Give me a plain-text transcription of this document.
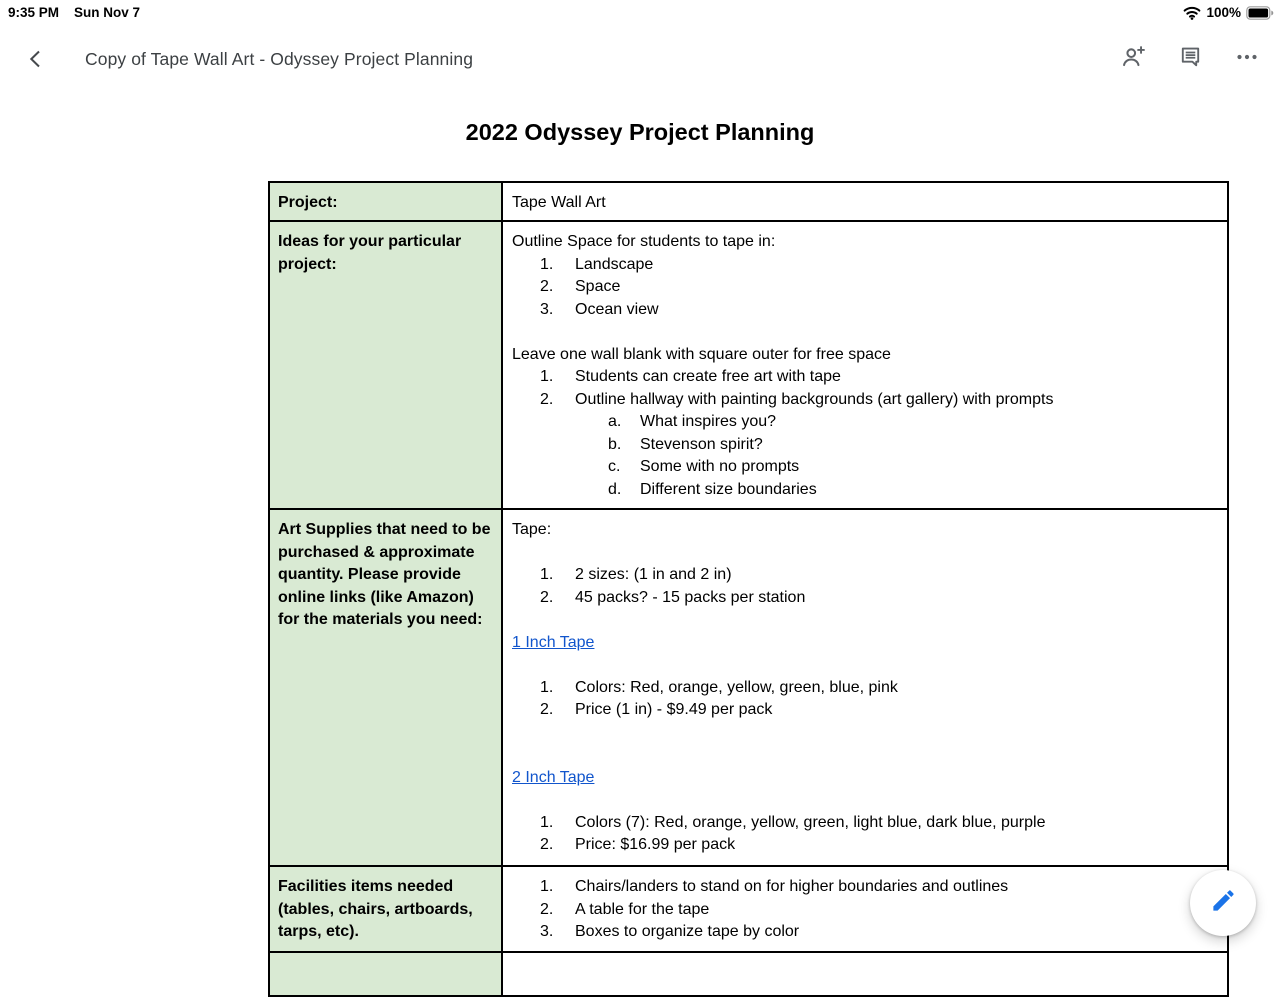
9:35 PM Sun Nov 7	100%
Copy of Tape Wall Art - Odyssey Project Planning
2022 Odyssey Project Planning
Project:	Tape Wall Art
Ideas for your particular project:
Outline Space for students to tape in:
Landscape
Space
Ocean view
Leave one wall blank with square outer for free space
Students can create free art with tape
Outline hallway with painting backgrounds (art gallery) with prompts
What inspires you?
Stevenson spirit?
Some with no prompts
Different size boundaries
Art Supplies that need to be purchased & approximate quantity. Please provide online links (like Amazon) for the materials you need:
Tape:
2 sizes: (1 in and 2 in)
45 packs? - 15 packs per station
1 Inch Tape
Colors: Red, orange, yellow, green, blue, pink
Price (1 in) - $9.49 per pack
2 Inch Tape
Colors (7): Red, orange, yellow, green, light blue, dark blue, purple
Price: $16.99 per pack
Facilities items needed (tables, chairs, artboards, tarps, etc).
Chairs/landers to stand on for higher boundaries and outlines
A table for the tape
Boxes to organize tape by color
